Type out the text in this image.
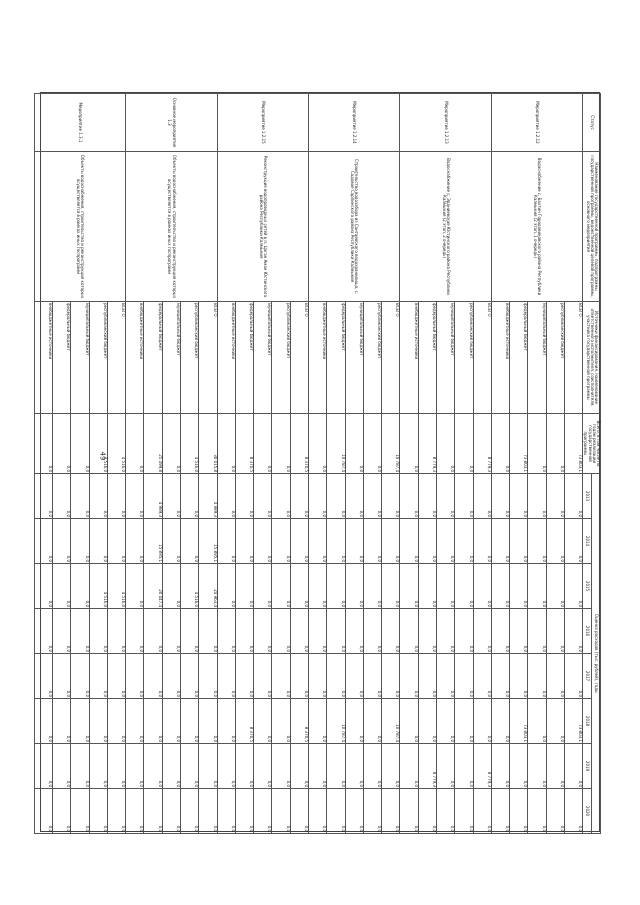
49
Статус	Наименование государственной программы, подпрограммы государственной программы, ведомственной целевой программы, основного мероприятия	Источники финансирования, наименование ответственного исполнителя, соисполнителя, участника государственной программы	Всего, в том числе по годам реализации государственной программы	Оценка расходов (тыс. рублей), годы							
				2013	2014	2015	2016	2017	2018	2019	2020
Мероприятие 1.2.12	Водоснабжение с. Бахтин Городовиковского района Республики Калмыкия (2 этап, 1 очередь)	ВСЕГО	73 803,1	0,0	0,0	0,0	0,0	0,0	73 803,1	0,0	0,0
		республиканский бюджет	0,0	0,0	0,0	0,0	0,0	0,0	0,0	0,0	0,0
		муниципальный бюджет	0,0	0,0	0,0	0,0	0,0	0,0	0,0	0,0	0,0
		федеральный бюджет	73 803,1	0,0	0,0	0,0	0,0	0,0	73 803,1	0,0	0,0
		внебюджетные источники	0,0	0,0	0,0	0,0	0,0	0,0	0,0	0,0	0,0
Мероприятие 1.2.13	Водоснабжение с. Эрдниевское Юстинского района Республики Калмыкия (2 этап, 2 очередь)	ВСЕГО	8 779,3	0,0	0,0	0,0	0,0	0,0	0,0	8 779,3	0,0
		республиканский бюджет	0,0	0,0	0,0	0,0	0,0	0,0	0,0	0,0	0,0
		муниципальный бюджет	0,0	0,0	0,0	0,0	0,0	0,0	0,0	0,0	0,0
		федеральный бюджет	8 779,3	0,0	0,0	0,0	0,0	0,0	0,0	8 779,3	0,0
		внебюджетные источники	0,0	0,0	0,0	0,0	0,0	0,0	0,0	0,0	0,0
Мероприятие 1.2.14	Строительство водозабора из Сантаевского водохранилища, с. Садовое Сарпинского района Республики Калмыкия	ВСЕГО	10 787,4	0,0	0,0	0,0	0,0	0,0	10 787,4	0,0	0,0
		республиканский бюджет	0,0	0,0	0,0	0,0	0,0	0,0	0,0	0,0	0,0
		муниципальный бюджет	0,0	0,0	0,0	0,0	0,0	0,0	0,0	0,0	0,0
		федеральный бюджет	10 787,4	0,0	0,0	0,0	0,0	0,0	10 787,4	0,0	0,0
		внебюджетные источники	0,0	0,0	0,0	0,0	0,0	0,0	0,0	0,0	0,0
Мероприятие 1.2.15	Реконструкция водопроводных сетей в п. Цаган Аман Юстинского района Республики Калмыкия	ВСЕГО	8 370,5	0,0	0,0	0,0	0,0	0,0	8 370,5	0,0	0,0
		республиканский бюджет	0,0	0,0	0,0	0,0	0,0	0,0	0,0	0,0	0,0
		муниципальный бюджет	0,0	0,0	0,0	0,0	0,0	0,0	0,0	0,0	0,0
		федеральный бюджет	8 370,5	0,0	0,0	0,0	0,0	0,0	8 370,5	0,0	0,0
		внебюджетные источники	0,0	0,0	0,0	0,0	0,0	0,0	0,0	0,0	0,0
Основное мероприятие 1.3	Объекты водоснабжения, строительство и реконструкция которых осуществляется в рамках иных госпрограмм	ВСЕГО	30 015,8	4 989,3	15 895,1	24 963,4	0,0	0,0	0,0	0,0	0,0
		республиканский бюджет	4 516,0	0,0	0,0	4 516,0	0,0	0,0	0,0	0,0	0,0
		муниципальный бюджет	0,0	0,0	0,0	0,0	0,0	0,0	0,0	0,0	0,0
		федеральный бюджет	25 499,8	4 989,3	15 895,1	20 447,4	0,0	0,0	0,0	0,0	0,0
		внебюджетные источники	0,0	0,0	0,0	0,0	0,0	0,0	0,0	0,0	0,0
Мероприятие 1.3.1	Объекты водоснабжения, строительство и реконструкция которых осуществляется в рамках иных госпрограмм	ВСЕГО	4 516,0	0,0	0,0	4 516,0	0,0	0,0	0,0	0,0	0,0
		республиканский бюджет	4 516,0	0,0	0,0	4 516,0	0,0	0,0	0,0	0,0	0,0
		муниципальный бюджет	0,0	0,0	0,0	0,0	0,0	0,0	0,0	0,0	0,0
		федеральный бюджет	0,0	0,0	0,0	0,0	0,0	0,0	0,0	0,0	0,0
		внебюджетные источники	0,0	0,0	0,0	0,0	0,0	0,0	0,0	0,0	0,0
